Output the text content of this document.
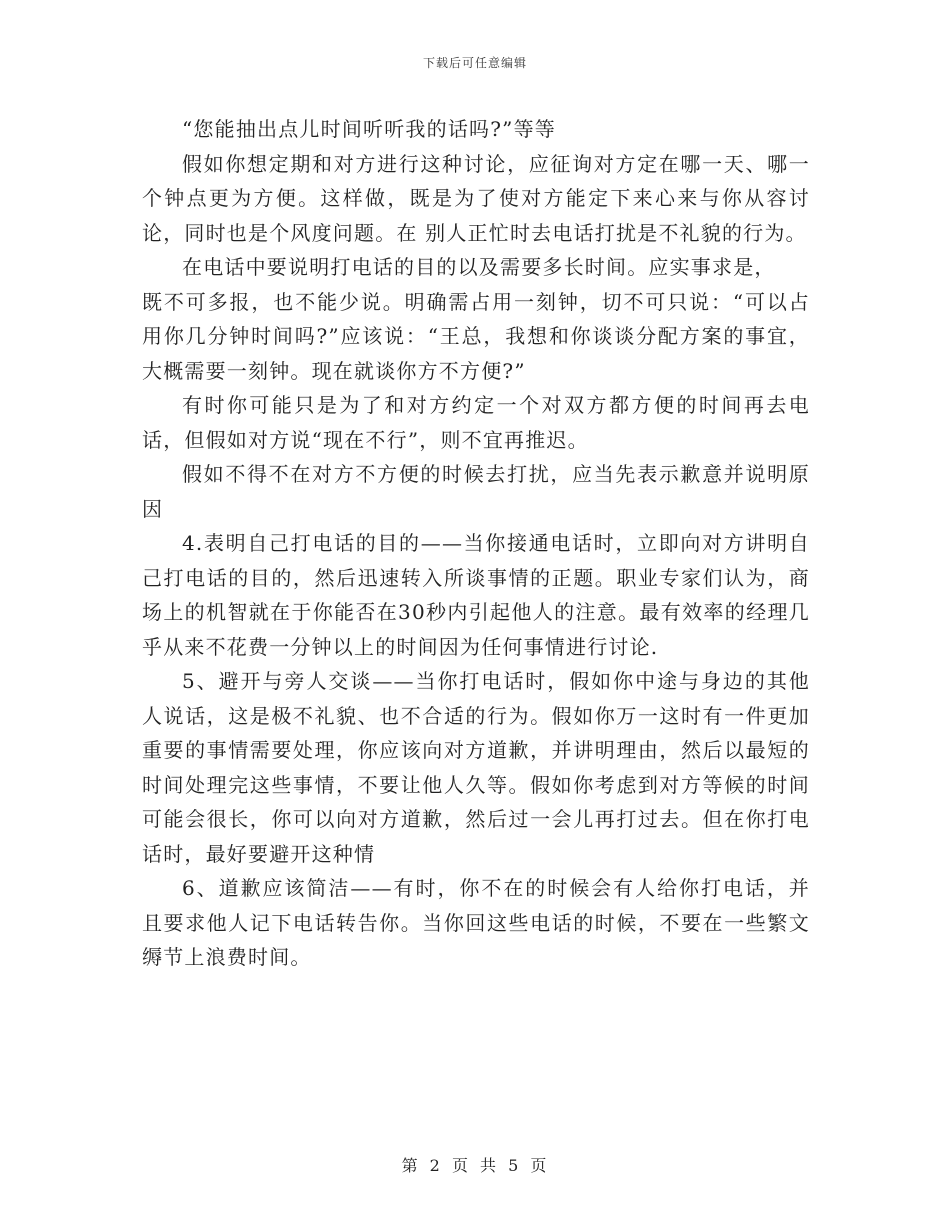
下载后可任意编辑

“您能抽出点儿时间听听我的话吗?”等等

假如你想定期和对方进行这种讨论，应征询对方定在哪一天、哪一个钟点更为方便。这样做，既是为了使对方能定下来心来与你从容讨论，同时也是个风度问题。在 别人正忙时去电话打扰是不礼貌的行为。

在电话中要说明打电话的目的以及需要多长时间。应实事求是，

既不可多报，也不能少说。明确需占用一刻钟，切不可只说：“可以占用你几分钟时间吗?”应该说：“王总，我想和你谈谈分配方案的事宜，大概需要一刻钟。现在就谈你方不方便?”

有时你可能只是为了和对方约定一个对双方都方便的时间再去电话，但假如对方说“现在不行”，则不宜再推迟。

假如不得不在对方不方便的时候去打扰，应当先表示歉意并说明原因

4.表明自己打电话的目的——当你接通电话时，立即向对方讲明自己打电话的目的，然后迅速转入所谈事情的正题。职业专家们认为，商场上的机智就在于你能否在30秒内引起他人的注意。最有效率的经理几乎从来不花费一分钟以上的时间因为任何事情进行讨论.

5、避开与旁人交谈——当你打电话时，假如你中途与身边的其他人说话，这是极不礼貌、也不合适的行为。假如你万一这时有一件更加重要的事情需要处理，你应该向对方道歉，并讲明理由，然后以最短的时间处理完这些事情，不要让他人久等。假如你考虑到对方等候的时间可能会很长，你可以向对方道歉，然后过一会儿再打过去。但在你打电话时，最好要避开这种情

6、道歉应该简洁——有时，你不在的时候会有人给你打电话，并且要求他人记下电话转告你。当你回这些电话的时候，不要在一些繁文缛节上浪费时间。

第 2 页 共 5 页
